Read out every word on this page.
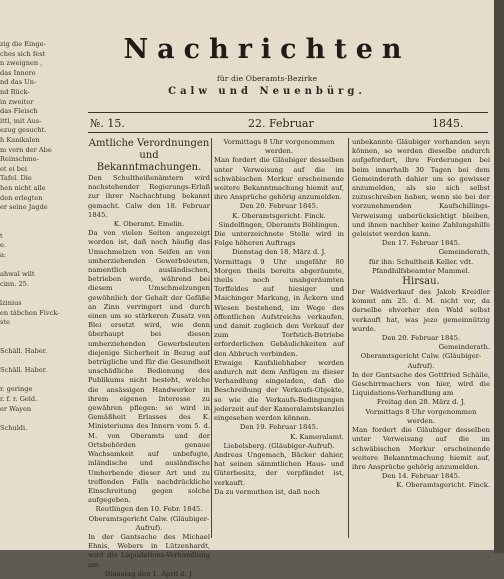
zig die Einge-
ches sich fest
n zweignen ,
das Innere
nd das Un-
nd Rück-
in zweiter
das Fleisch
ittl, mit Aus-
ezug gesucht.
h Kanikalen
m vern der Abe
Reinschme-
et ei bei
Tafel. Die
hen nicht alle
den erlegten
er seine Jagde
t
e.
a:
ahwal wilt
cinn. 25.
lzinius
en täbchen Fivck-
ste
Schäll. Haber.
Schäll. Haber.
r. geringe
r. f. r. Geld.
er Wayen
Schuldi.
Nachrichten
für die Oberamts-Bezirke
Calw und Neuenbürg.
№. 15.	22. Februar	1845.

Amtliche Verordnungen und Bekanntmachungen.

Den Schultheißenämtern wird nachstehender Regierungs-Erlaß zur ihrer Nachachtung bekannt gemacht. Calw den 18. Februar 1845.

K. Oberamt. Emelin.

Da von vielen Seiten angezeigt worden ist, daß noch häufig das Umschmelzen von Seifen an von umherziehenden Gewerbsleuten, namentlich ausländischen, betrieben werde, während bei diesem Umschmelzungen gewöhnlich der Gehalt der Gefäße an Zinn verringert und durch einen um so stärkeren Zusatz von Blei ersetzt wird, wie denn überhaupt bei diesen umherziehenden Gewerbsleuten diejenige Sicherheit in Bezug auf betrügliche und für die Gesundheit unschädliche Bedienung des Publikums nicht besteht, welche die ansässigen Handwerker in ihrem eigenen Interesse zu gewähren pflegen: so wird in Gemäßheit Erlasses des K. Ministeriums des Innern vom 5. d. M. von Oberamts und der Ortsbehörden genaue Wachsamkeit auf unbefugte, inländische und ausländische Umherbende dieser Art und zu treffenden Falls nachdrückliche Einschreitung gegen solche aufgegeben.

Reutlingen den 10. Febr. 1845.

Oberamtsgericht Calw. (Gläubiger-Aufruf).

In der Gantsache des Michael Ehnis, Webers in Lützenhardt, wird die Liquidations-Verhandlung am

Dienstag den 1. April d. J.

Vormittags 8 Uhr vorgenommen werden.

Man fordert die Gläubiger desselben unter Verweisung auf die im schwäbischen Merkur erscheinende weitere Bekanntmachung hiemit auf, ihre Ansprüche gehörig anzumelden.

Den 20. Februar 1845.

K. Oberamtsgericht. Finck.

Sindelfingen, Oberamts Böblingen.

Die unterzeichnete Stelle wird in Folge höheren Auftrags

Dienstag den 18. März d. J.

Vormittags 9 Uhr ungefähr 80 Morgen theils bereits abgeräumte, theils noch unabgeräumten Torffeldes auf hiesiger und Maichinger Markung, in Äckern und Wiesen bestehend, im Wege des öffentlichen Aufstreichs verkaufen, und damit zugleich den Verkauf der zum Torfstich-Betriebe erforderlichen Gebäulichkeiten auf den Abbruch verbinden.

Etwaige Kaufsliebhaber werden andurch mit dem Anfügen zu dieser Verhandlung eingeladen, daß die Beschreibung der Verkaufs-Objekte, so wie die Verkaufs-Bedingungen jederzeit auf der Kameralamtskanzlei eingesehen werden können.

Den 19. Februar 1845.

K. Kameralamt.

Liebelsberg. (Gläubiger-Aufruf).

Andreas Ungemach, Bäcker dahier, hat seinen sämmtlichen Haus- und Güterbesitz, der verpfändet ist, verkauft.

Da zu vermuthen ist, daß noch

unbekannte Gläubiger vorhanden seyn können, so werden dieselbe andurch aufgefordert, ihre Forderungen bei beim innerhalb 30 Tagen bei dem Gemeinderath dahier um so gewisser anzumelden, als sie sich selbst zuzuschreiben haben, wenn sie bei der vorzunehmenden Kaufschillings-Verweisung unberücksichtigt bleiben, und ihnen nachher keine Zahlungshilfe geleistet werden kann.

Den 17. Februar 1845.

Gemeinderath,

für ihn: Schultheiß Keller. vdt. Pfandhilfsbeamter Mammel.

Hirsau.

Der Waldverkauf des Jakob Kreidler kommt am 25. d. M. nicht vor, da derselbe ehvorher den Wald selbst verkauft hat, was jezo gemeinnützig wurde.

Den 20. Februar 1845.

Gemeinderath.

Oberamtsgericht Calw. (Gläubiger-Aufruf).

In der Gantsache des Gottfried Schäile, Geschirrmachers von hier, wird die Liquidations-Verhandlung am

Freitag den 28. März d. J.

Vormittags 8 Uhr vorgenommen werden.

Man fordert die Gläubiger desselben unter Verweisung auf die im schwäbischen Merkur erscheinende weitere Bekanntmachung hiemit auf, ihre Ansprüche gehörig anzumelden.

Den 14. Februar 1845.

K. Oberamtsgericht. Finck.
